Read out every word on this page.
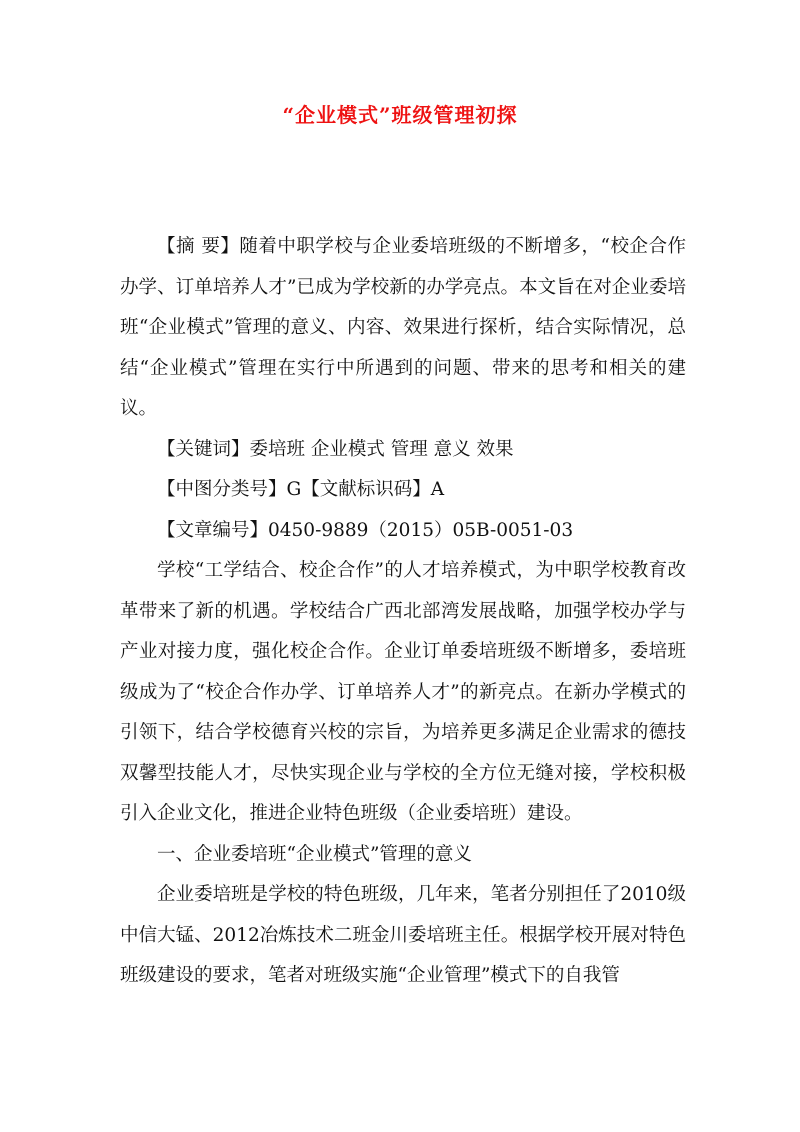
“企业模式”班级管理初探

【摘 要】随着中职学校与企业委培班级的不断增多，“校企合作办学、订单培养人才”已成为学校新的办学亮点。本文旨在对企业委培班“企业模式”管理的意义、内容、效果进行探析，结合实际情况，总结“企业模式”管理在实行中所遇到的问题、带来的思考和相关的建议。

【关键词】委培班 企业模式 管理 意义 效果

【中图分类号】G【文献标识码】A

【文章编号】0450-9889（2015）05B-0051-03

学校“工学结合、校企合作”的人才培养模式，为中职学校教育改革带来了新的机遇。学校结合广西北部湾发展战略，加强学校办学与产业对接力度，强化校企合作。企业订单委培班级不断增多，委培班级成为了“校企合作办学、订单培养人才”的新亮点。在新办学模式的引领下，结合学校德育兴校的宗旨，为培养更多满足企业需求的德技双馨型技能人才，尽快实现企业与学校的全方位无缝对接，学校积极引入企业文化，推进企业特色班级（企业委培班）建设。

一、企业委培班“企业模式”管理的意义

企业委培班是学校的特色班级，几年来，笔者分别担任了2010级中信大锰、2012冶炼技术二班金川委培班主任。根据学校开展对特色班级建设的要求，笔者对班级实施“企业管理”模式下的自我管
